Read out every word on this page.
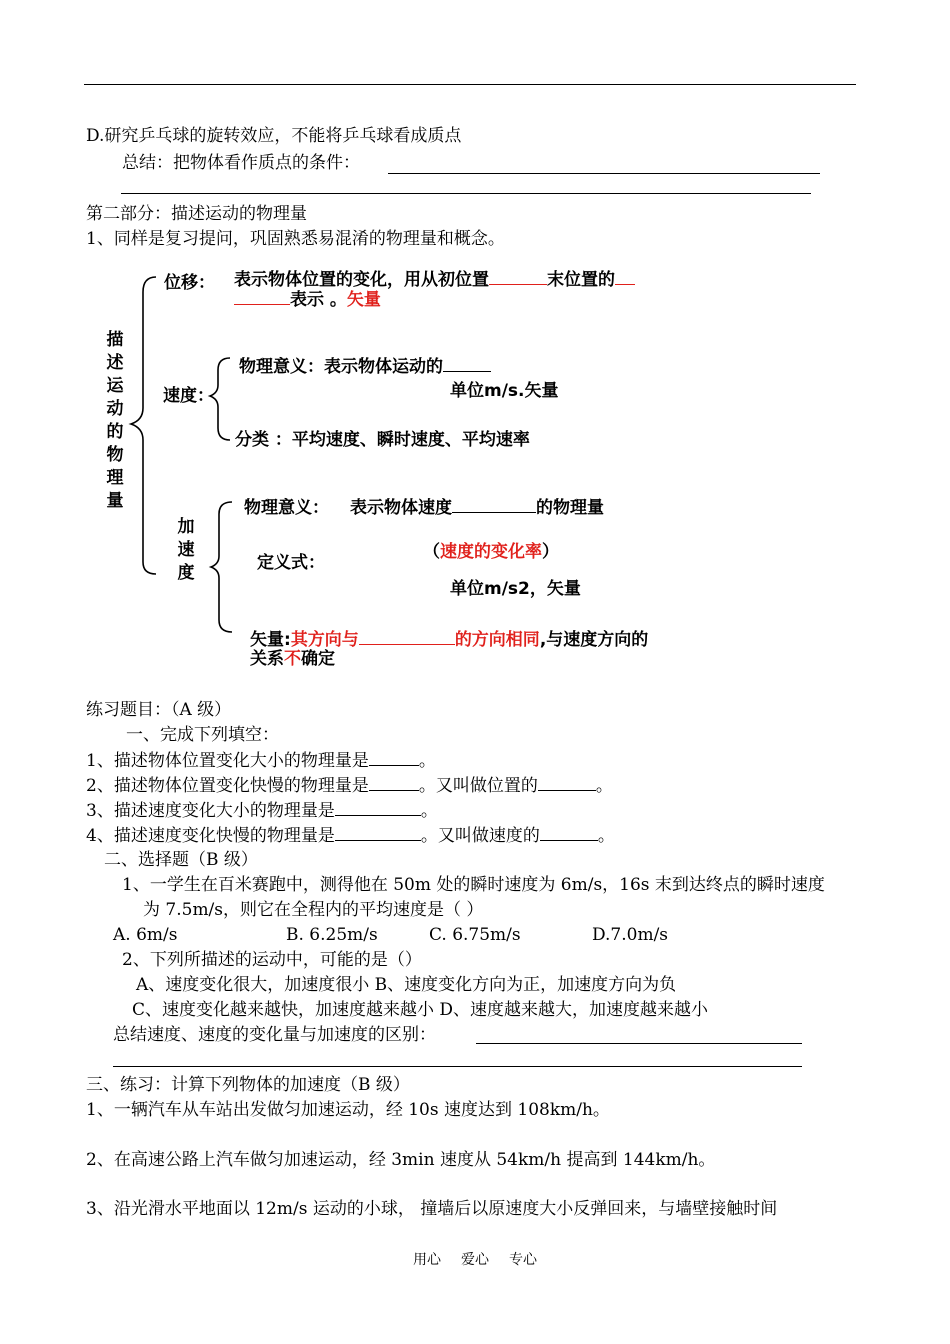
D.研究乒乓球的旋转效应，不能将乒乓球看成质点
总结：把物体看作质点的条件：
第二部分：描述运动的物理量
1、同样是复习提问，巩固熟悉易混淆的物理量和概念。
描
述
运
动
的
物
理
量
位移： 表示物体位置的变化，用从初位置	末位置的
表示 。矢量
速度：
物理意义：表示物体运动的
单位m/s.矢量
分类 ：平均速度、瞬时速度、平均速率
加
速
度
物理意义： 表示物体速度	的物理量
定义式：
（速度的变化率）
单位m/s2，矢量
矢量:其方向与	的方向相同,与速度方向的
关系不确定
练习题目：（A 级）
一、完成下列填空：
1、描述物体位置变化大小的物理量是	。
2、描述物体位置变化快慢的物理量是	。又叫做位置的	。
3、描述速度变化大小的物理量是	。
4、描述速度变化快慢的物理量是	。又叫做速度的	。
二、选择题（B 级）
1、一学生在百米赛跑中，测得他在 50m 处的瞬时速度为 6m/s，16s 末到达终点的瞬时速度
为 7.5m/s，则它在全程内的平均速度是（ ）
A. 6m/s	B. 6.25m/s	C. 6.75m/s	D.7.0m/s
2、下列所描述的运动中，可能的是（）
A、速度变化很大，加速度很小 B、速度变化方向为正，加速度方向为负
C、速度变化越来越快，加速度越来越小 D、速度越来越大，加速度越来越小
总结速度、速度的变化量与加速度的区别：
三、练习：计算下列物体的加速度（B 级）
1、一辆汽车从车站出发做匀加速运动，经 10s 速度达到 108km/h。
2、在高速公路上汽车做匀加速运动，经 3min 速度从 54km/h 提高到 144km/h。
3、沿光滑水平地面以 12m/s 运动的小球， 撞墙后以原速度大小反弹回来，与墙壁接触时间
用心 爱心 专心
